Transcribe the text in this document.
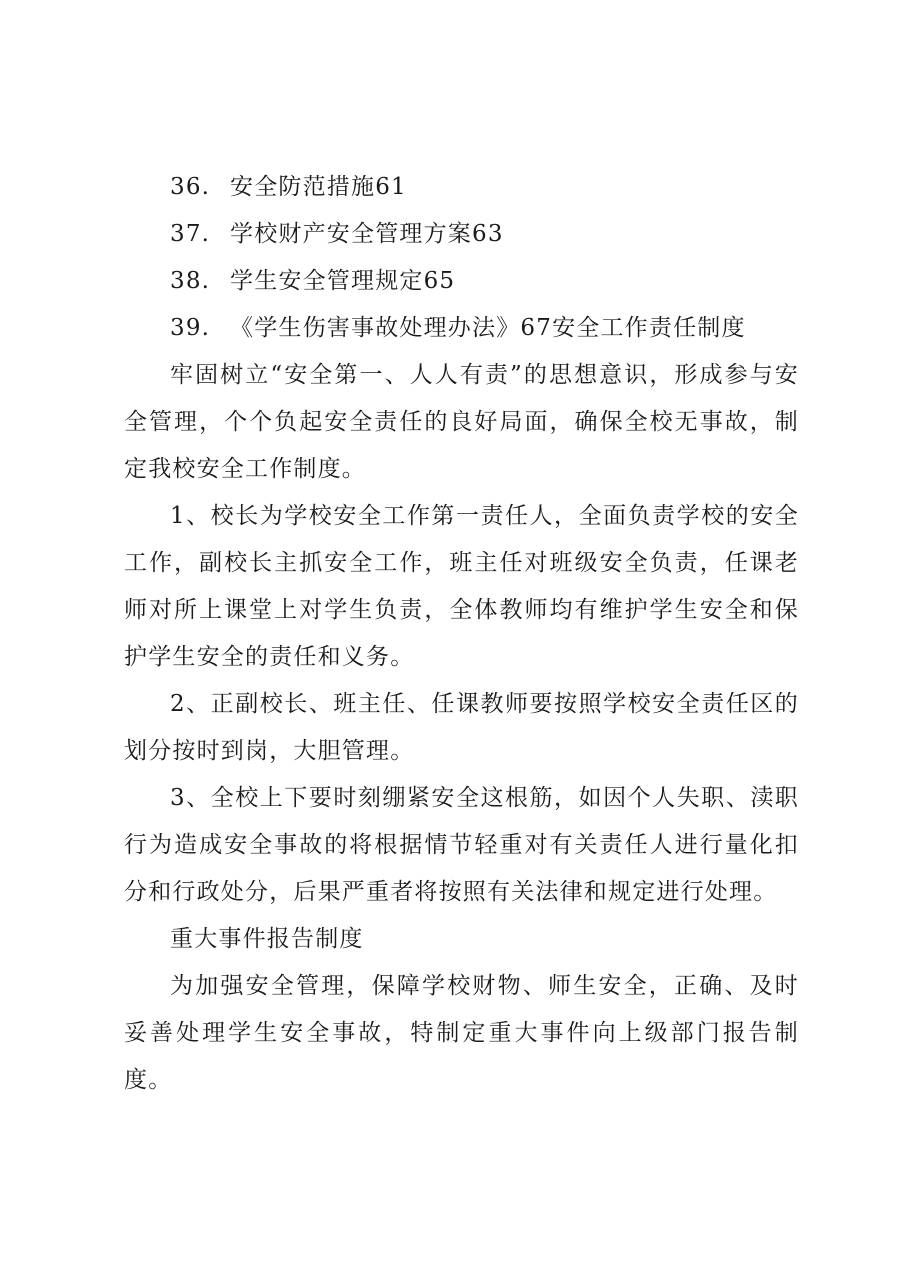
36. 安全防范措施61
37. 学校财产安全管理方案63
38. 学生安全管理规定65
39. 《学生伤害事故处理办法》67安全工作责任制度

牢固树立“安全第一、人人有责”的思想意识，形成参与安全管理，个个负起安全责任的良好局面，确保全校无事故，制定我校安全工作制度。

1、校长为学校安全工作第一责任人，全面负责学校的安全工作，副校长主抓安全工作，班主任对班级安全负责，任课老师对所上课堂上对学生负责，全体教师均有维护学生安全和保护学生安全的责任和义务。

2、正副校长、班主任、任课教师要按照学校安全责任区的划分按时到岗，大胆管理。

3、全校上下要时刻绷紧安全这根筋，如因个人失职、渎职行为造成安全事故的将根据情节轻重对有关责任人进行量化扣分和行政处分，后果严重者将按照有关法律和规定进行处理。

重大事件报告制度

为加强安全管理，保障学校财物、师生安全，正确、及时妥善处理学生安全事故，特制定重大事件向上级部门报告制度。
